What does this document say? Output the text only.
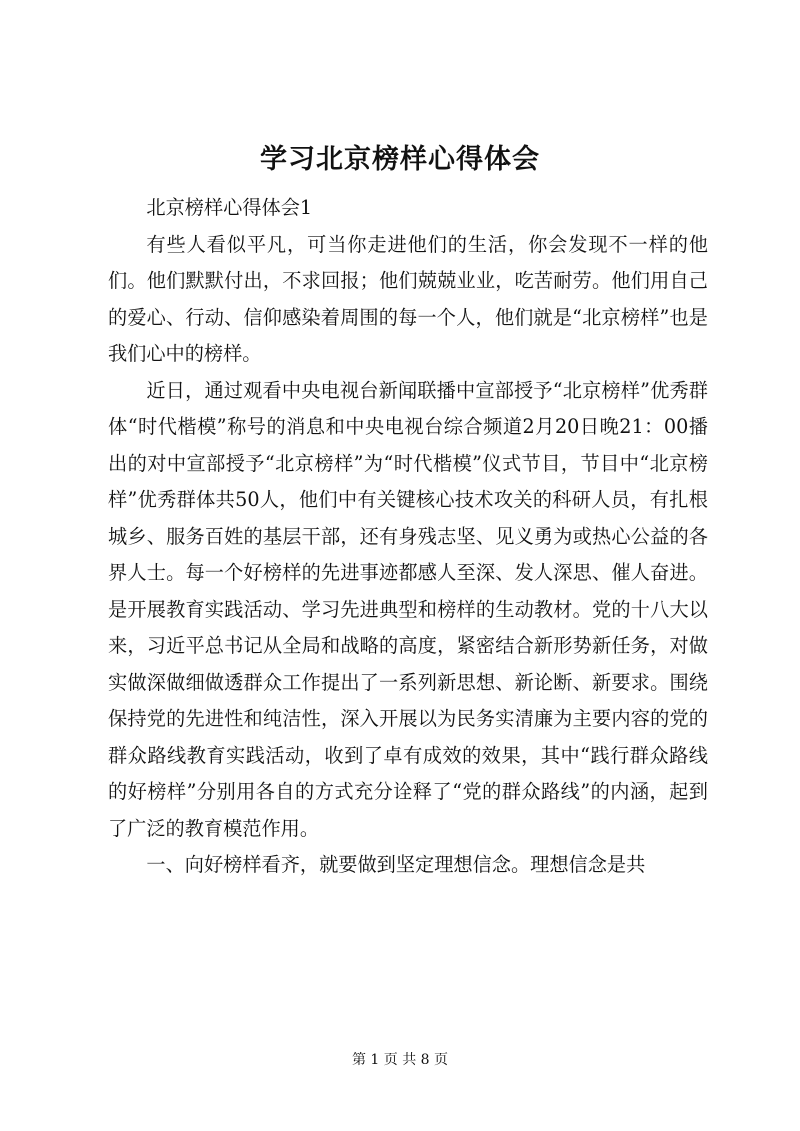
学习北京榜样心得体会

北京榜样心得体会1

有些人看似平凡，可当你走进他们的生活，你会发现不一样的他们。他们默默付出，不求回报；他们兢兢业业，吃苦耐劳。他们用自己的爱心、行动、信仰感染着周围的每一个人，他们就是“北京榜样”也是我们心中的榜样。

近日，通过观看中央电视台新闻联播中宣部授予“北京榜样”优秀群体“时代楷模”称号的消息和中央电视台综合频道2月20日晚21：00播出的对中宣部授予“北京榜样”为“时代楷模”仪式节目，节目中“北京榜样”优秀群体共50人，他们中有关键核心技术攻关的科研人员，有扎根城乡、服务百姓的基层干部，还有身残志坚、见义勇为或热心公益的各界人士。每一个好榜样的先进事迹都感人至深、发人深思、催人奋进。是开展教育实践活动、学习先进典型和榜样的生动教材。党的十八大以来，习近平总书记从全局和战略的高度，紧密结合新形势新任务，对做实做深做细做透群众工作提出了一系列新思想、新论断、新要求。围绕保持党的先进性和纯洁性，深入开展以为民务实清廉为主要内容的党的群众路线教育实践活动，收到了卓有成效的效果，其中“践行群众路线的好榜样”分别用各自的方式充分诠释了“党的群众路线”的内涵，起到了广泛的教育模范作用。

一、向好榜样看齐，就要做到坚定理想信念。理想信念是共

第 1 页 共 8 页
